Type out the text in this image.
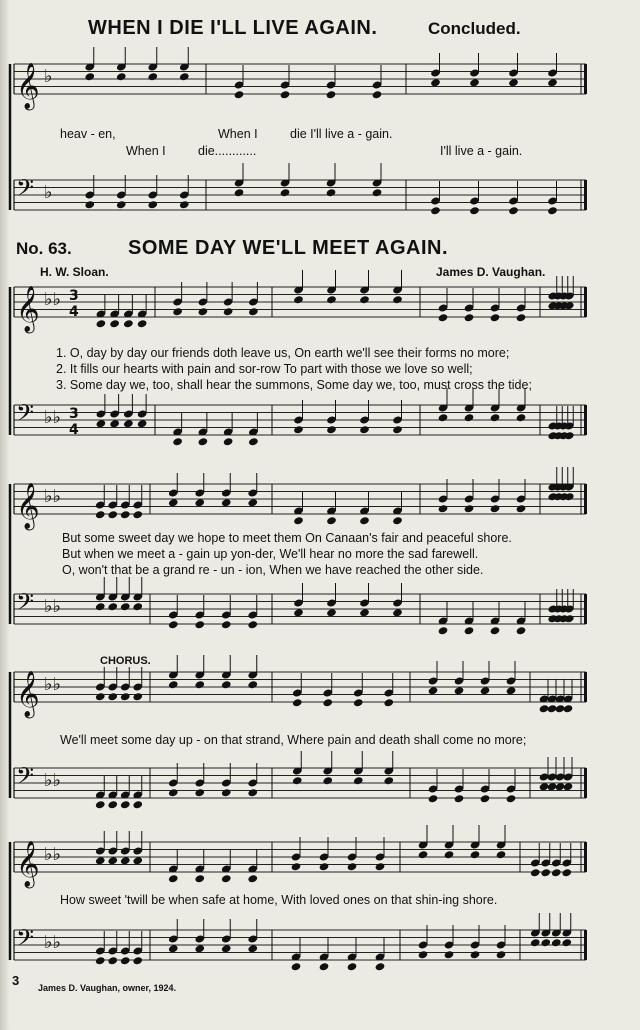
𝄞 ♭
𝄢 ♭
𝄞 ♭♭ 3
4
𝄢 ♭♭ 3
4
𝄞 ♭♭
𝄢 ♭♭
𝄞 ♭♭
𝄢 ♭♭
𝄞 ♭♭
𝄢 ♭♭
WHEN I DIE I'LL LIVE AGAIN.	Concluded.
heav - en,	When I	die I'll live a - gain.
When I	die............	I'll live a - gain.
No. 63.	SOME DAY WE'LL MEET AGAIN.
H. W. Sloan.	James D. Vaughan.
1. O, day by day our friends doth leave us, On earth we'll see their forms no more;
2. It fills our hearts with pain and sor-row To part with those we love so well;
3. Some day we, too, shall hear the summons, Some day we, too, must cross the tide;
But some sweet day we hope to meet them On Canaan's fair and peaceful shore.
But when we meet a - gain up yon-der, We'll hear no more the sad farewell.
O, won't that be a grand re - un - ion, When we have reached the other side.
CHORUS.
We'll meet some day up - on that strand, Where pain and death shall come no more;
How sweet 'twill be when safe at home, With loved ones on that shin-ing shore.
3 James D. Vaughan, owner, 1924.
